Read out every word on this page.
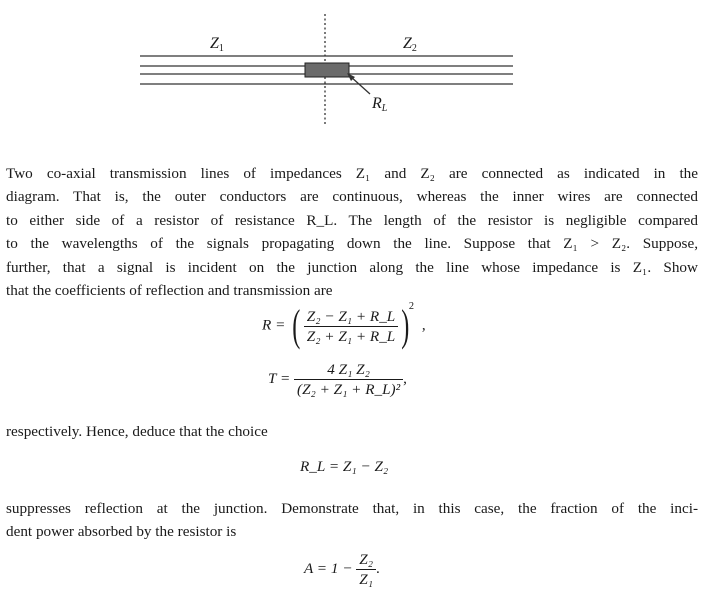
Z1	Z2
RL
Two co-axial transmission lines of impedances Z₁ and Z₂ are connected as indicated in the
diagram. That is, the outer conductors are continuous, whereas the inner wires are connected
to either side of a resistor of resistance R_L. The length of the resistor is negligible compared
to the wavelengths of the signals propagating down the line. Suppose that Z₁ > Z₂. Suppose,
further, that a signal is incident on the junction along the line whose impedance is Z₁. Show
that the coefficients of reflection and transmission are
R = ( $\frac{\text{Z₂ − Z₁ + R\_L}}{\text{Z₂ + Z₁ + R\_L}} )^2$ ,
$T = \frac{\text{4 Z₁ Z₂}}{\text{(Z₂ + Z₁ + R\_L)²}}$ ,
respectively. Hence, deduce that the choice
R_L = Z₁ − Z₂
suppresses reflection at the junction. Demonstrate that, in this case, the fraction of the inci-
dent power absorbed by the resistor is
$A = 1 - \frac{\text{Z₂}}{\text{Z₁}}$ .
